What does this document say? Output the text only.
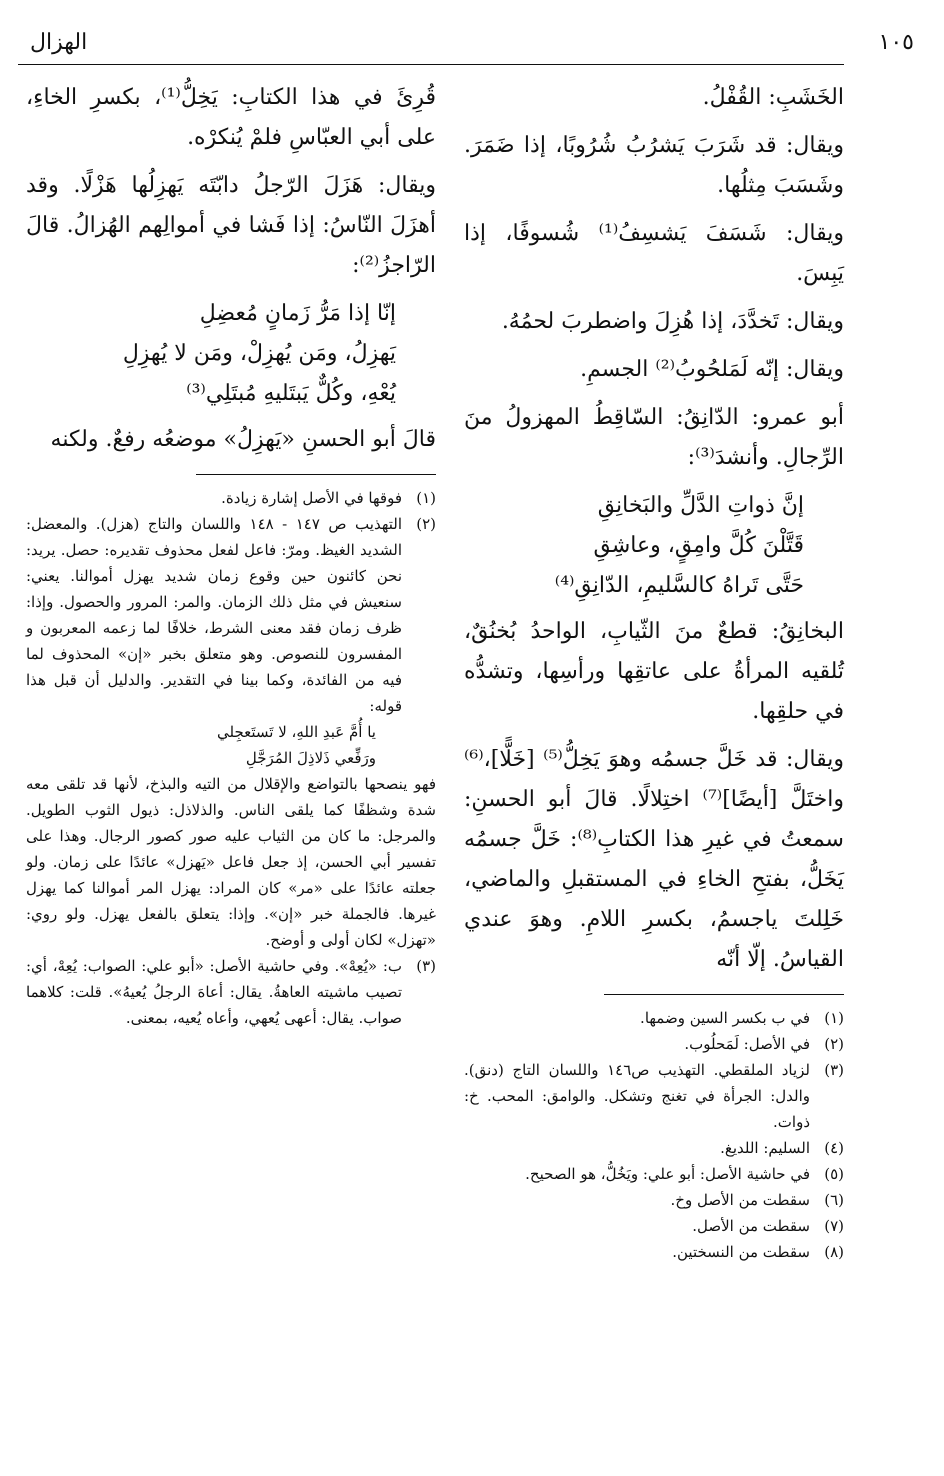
١٠٥
الهزال

الخَشَبِ: القُفْلُ.

ويقال: قد شَرَبَ يَشرُبُ شُرُوبًا، إذا ضَمَرَ. وشَسَبَ مِثلُها.

ويقال: شَسَفَ يَشسِفُ⁽¹⁾ شُسوفًا، إذا يَبِسَ.

ويقال: تَخدَّدَ، إذا هُزِلَ واضطربَ لحمُهُ.

ويقال: إنّه لَمَلحُوبُ⁽²⁾ الجسمِ.

أبو عمرو: الدّانِقُ: السّاقِطُ المهزولُ منَ الرِّجالِ. وأنشدَ⁽³⁾:

إنَّ ذواتِ الدَّلِّ والبَخانِقِ
قَتَّلْنَ كُلَّ وامِقٍ، وعاشِقِ
حَتَّى تَراهُ كالسَّليمِ، الدّانِقِ⁽⁴⁾

البخانِقُ: قطعٌ منَ الثّيابِ، الواحدُ بُخنُقٌ، تُلقيه المرأةُ على عاتقِها ورأسِها، وتشدُّه في حلقِها.

ويقال: قد خَلَّ جسمُه وهوَ يَخِلُّ⁽⁵⁾ [خَلًّا]،⁽⁶⁾ واختَلَّ [أيضًا]⁽⁷⁾ اختِلالًا. قالَ أبو الحسنِ: سمعتُ في غيرِ هذا الكتابِ⁽⁸⁾: خَلَّ جسمُه يَخَلُّ، بفتحِ الخاءِ في المستقبلِ والماضي، خَلِلتَ ياجسمُ، بكسرِ اللامِ. وهوَ عندي القياسُ. إلّا أنّه

(١)
في ب بكسر السين وضمها.
(٢)
في الأصل: لَمَحلُوب.
(٣)
لزياد الملقطي. التهذيب ص١٤٦ واللسان التاج (دنق). والدل: الجرأة في تغنج وتشكل. والوامق: المحب. خ: ذوات.
(٤)
السليم: اللديغ.
(٥)
في حاشية الأصل: أبو علي: ويَخُلُّ، هو الصحيح.
(٦)
سقطت من الأصل وخ.
(٧)
سقطت من الأصل.
(٨)
سقطت من النسختين.

قُرِئَ في هذا الكتابِ: يَخِلُّ⁽¹⁾، بكسرِ الخاءِ، على أبي العبّاسِ فلمْ يُنكرْه.

ويقال: هَزَلَ الرّجلُ دابّتَه يَهزِلُها هَزْلًا. وقد أهزَلَ النّاسُ: إذا فَشا في أموالِهم الهُزالُ. قالَ الرّاجزُ⁽²⁾:

إنّا إذا مَرُّ زَمانٍ مُعضِلِ
يَهزِلُ، ومَن يُهزِلْ، ومَن لا يُهزِلِ
يُعْهِ، وكُلٌّ يَبتَليهِ مُبتَلِي⁽³⁾

قالَ أبو الحسنِ «يَهزِلُ» موضعُه رفعٌ. ولكنه

(١)
فوقها في الأصل إشارة زيادة.
(٢)
التهذيب ص ١٤٧ - ١٤٨ واللسان والتاج (هزل). والمعضل: الشديد الغيظ. ومرّ: فاعل لفعل محذوف تقديره: حصل. يريد: نحن كائنون حين وقوع زمان شديد يهزل أموالنا. يعني: سنعيش في مثل ذلك الزمان. والمر: المرور والحصول. وإذا: ظرف زمان فقد معنى الشرط، خلافًا لما زعمه المعربون و المفسرون للنصوص. وهو متعلق بخبر «إن» المحذوف لما فيه من الفائدة، وكما بينا في التقدير. والدليل أن قبل هذا قوله:
يا أُمَّ عَبدِ اللهِ، لا تَستَعجِلي
ورَفِّعي ذَلاذِلَ المُرَجَّلِ
فهو ينصحها بالتواضع والإقلال من التيه والبذخ، لأنها قد تلقى معه شدة وشظفًا كما يلقى الناس. والذلاذل: ذيول الثوب الطويل. والمرجل: ما كان من الثياب عليه صور كصور الرجال. وهذا على تفسير أبي الحسن، إذ جعل فاعل «يَهزل» عائدًا على زمان. ولو جعلته عائدًا على «مر» كان المراد: يهزل المر أموالنا كما يهزل غيرها. فالجملة خبر «إن». وإذا: يتعلق بالفعل يهزل. ولو روي: «تهزل» لكان أولى و أوضح.
(٣)
ب: «يُعِهْ». وفي حاشية الأصل: «أبو علي: الصواب: يُعِهْ، أي: تصيب ماشيته العاهةُ. يقال: أعاهَ الرجلُ يُعيهُ». قلت: كلاهما صواب. يقال: أعهى يُعهي، وأعاه يُعيه، بمعنى.
